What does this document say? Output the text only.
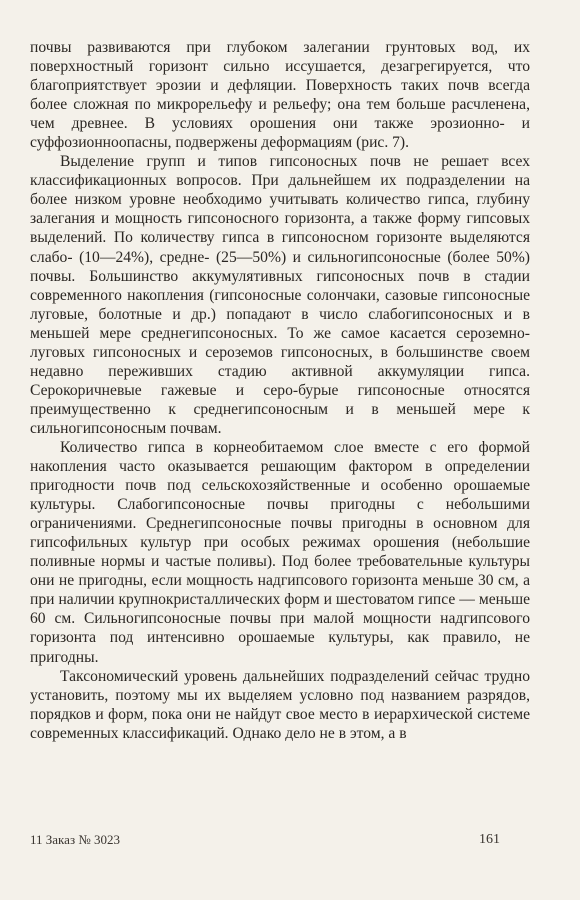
почвы развиваются при глубоком залегании грунтовых вод, их поверхностный горизонт сильно иссушается, дезагрегируется, что благоприятствует эрозии и дефляции. Поверхность таких почв всегда более сложная по микрорельефу и рельефу; она тем больше расчленена, чем древнее. В условиях орошения они также эрозионно- и суффозионноопасны, подвержены деформациям (рис. 7).

Выделение групп и типов гипсоносных почв не решает всех классификационных вопросов. При дальнейшем их подразделении на более низком уровне необходимо учитывать количество гипса, глубину залегания и мощность гипсоносного горизонта, а также форму гипсовых выделений. По количеству гипса в гипсоносном горизонте выделяются слабо- (10—24%), средне- (25—50%) и сильногипсоносные (более 50%) почвы. Большинство аккумулятивных гипсоносных почв в стадии современного накопления (гипсоносные солончаки, сазовые гипсоносные луговые, болотные и др.) попадают в число слабогипсоносных и в меньшей мере среднегипсоносных. То же самое касается сероземно-луговых гипсоносных и сероземов гипсоносных, в большинстве своем недавно переживших стадию активной аккумуляции гипса. Серокоричневые гажевые и серо-бурые гипсоносные относятся преимущественно к среднегипсоносным и в меньшей мере к сильногипсоносным почвам.

Количество гипса в корнеобитаемом слое вместе с его формой накопления часто оказывается решающим фактором в определении пригодности почв под сельскохозяйственные и особенно орошаемые культуры. Слабогипсоносные почвы пригодны с небольшими ограничениями. Среднегипсоносные почвы пригодны в основном для гипсофильных культур при особых режимах орошения (небольшие поливные нормы и частые поливы). Под более требовательные культуры они не пригодны, если мощность надгипсового горизонта меньше 30 см, а при наличии крупнокристаллических форм и шестоватом гипсе — меньше 60 см. Сильногипсоносные почвы при малой мощности надгипсового горизонта под интенсивно орошаемые культуры, как правило, не пригодны.

Таксономический уровень дальнейших подразделений сейчас трудно установить, поэтому мы их выделяем условно под названием разрядов, порядков и форм, пока они не найдут свое место в иерархической системе современных классификаций. Однако дело не в этом, а в

11 Заказ № 3023	161
